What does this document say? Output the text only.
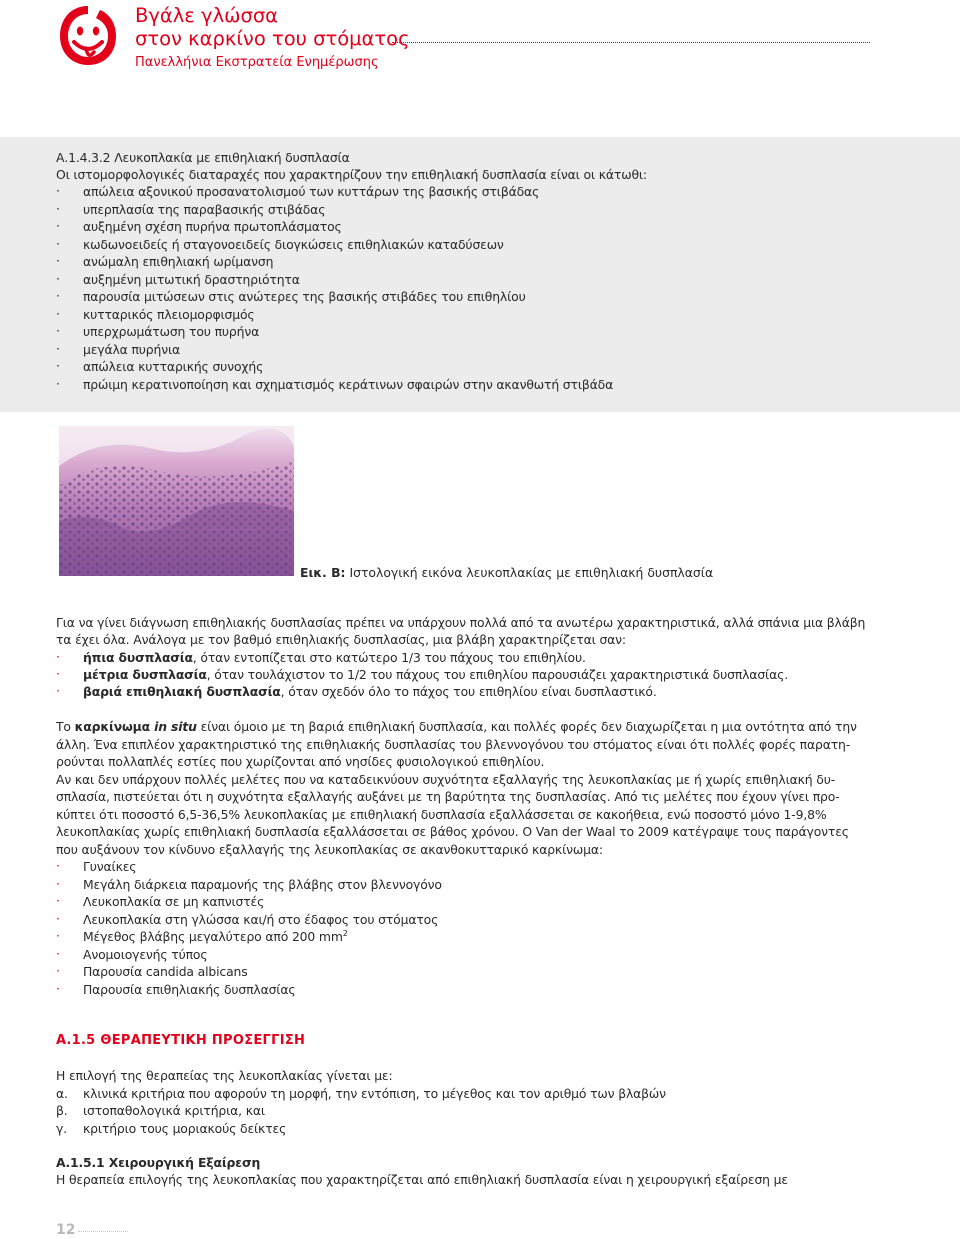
Βγάλε γλώσσα
στον καρκίνο του στόματος
Πανελλήνια Εκστρατεία Ενημέρωσης
Α.1.4.3.2 Λευκοπλακία με επιθηλιακή δυσπλασία
Οι ιστομορφολογικές διαταραχές που χαρακτηρίζουν την επιθηλιακή δυσπλασία είναι οι κάτωθι:
· απώλεια αξονικού προσανατολισμού των κυττάρων της βασικής στιβάδας
· υπερπλασία της παραβασικής στιβάδας
· αυξημένη σχέση πυρήνα πρωτοπλάσματος
· κωδωνοειδείς ή σταγονοειδείς διογκώσεις επιθηλιακών καταδύσεων
· ανώμαλη επιθηλιακή ωρίμανση
· αυξημένη μιτωτική δραστηριότητα
· παρουσία μιτώσεων στις ανώτερες της βασικής στιβάδες του επιθηλίου
· κυτταρικός πλειομορφισμός
· υπερχρωμάτωση του πυρήνα
· μεγάλα πυρήνια
· απώλεια κυτταρικής συνοχής
· πρώιμη κερατινοποίηση και σχηματισμός κεράτινων σφαιρών στην ακανθωτή στιβάδα
Εικ. Β: Ιστολογική εικόνα λευκοπλακίας με επιθηλιακή δυσπλασία
Για να γίνει διάγνωση επιθηλιακής δυσπλασίας πρέπει να υπάρχουν πολλά από τα ανωτέρω χαρακτηριστικά, αλλά σπάνια μια βλάβη
τα έχει όλα. Ανάλογα με τον βαθμό επιθηλιακής δυσπλασίας, μια βλάβη χαρακτηρίζεται σαν:
· ήπια δυσπλασία, όταν εντοπίζεται στο κατώτερο 1/3 του πάχους του επιθηλίου.
· μέτρια δυσπλασία, όταν τουλάχιστον το 1/2 του πάχους του επιθηλίου παρουσιάζει χαρακτηριστικά δυσπλασίας.
· βαριά επιθηλιακή δυσπλασία, όταν σχεδόν όλο το πάχος του επιθηλίου είναι δυσπλαστικό.
Το καρκίνωμα in situ είναι όμοιο με τη βαριά επιθηλιακή δυσπλασία, και πολλές φορές δεν διαχωρίζεται η μια οντότητα από την
άλλη. Ένα επιπλέον χαρακτηριστικό της επιθηλιακής δυσπλασίας του βλεννογόνου του στόματος είναι ότι πολλές φορές παρατη-
ρούνται πολλαπλές εστίες που χωρίζονται από νησίδες φυσιολογικού επιθηλίου.
Αν και δεν υπάρχουν πολλές μελέτες που να καταδεικνύουν συχνότητα εξαλλαγής της λευκοπλακίας με ή χωρίς επιθηλιακή δυ-
σπλασία, πιστεύεται ότι η συχνότητα εξαλλαγής αυξάνει με τη βαρύτητα της δυσπλασίας. Από τις μελέτες που έχουν γίνει προ-
κύπτει ότι ποσοστό 6,5-36,5% λευκοπλακίας με επιθηλιακή δυσπλασία εξαλλάσσεται σε κακοήθεια, ενώ ποσοστό μόνο 1-9,8%
λευκοπλακίας χωρίς επιθηλιακή δυσπλασία εξαλλάσσεται σε βάθος χρόνου. Ο Van der Waal το 2009 κατέγραψε τους παράγοντες
που αυξάνουν τον κίνδυνο εξαλλαγής της λευκοπλακίας σε ακανθοκυτταρικό καρκίνωμα:
· Γυναίκες
· Μεγάλη διάρκεια παραμονής της βλάβης στον βλεννογόνο
· Λευκοπλακία σε μη καπνιστές
· Λευκοπλακία στη γλώσσα και/ή στο έδαφος του στόματος
· Μέγεθος βλάβης μεγαλύτερο από 200 $mm^2$
· Ανομοιογενής τύπος
· Παρουσία candida albicans
· Παρουσία επιθηλιακής δυσπλασίας
Α.1.5 ΘΕΡΑΠΕΥΤΙΚΗ ΠΡΟΣΕΓΓΙΣΗ
Η επιλογή της θεραπείας της λευκοπλακίας γίνεται με:
α. κλινικά κριτήρια που αφορούν τη μορφή, την εντόπιση, το μέγεθος και τον αριθμό των βλαβών
β. ιστοπαθολογικά κριτήρια, και
γ. κριτήριο τους μοριακούς δείκτες
Α.1.5.1 Χειρουργική Εξαίρεση
Η θεραπεία επιλογής της λευκοπλακίας που χαρακτηρίζεται από επιθηλιακή δυσπλασία είναι η χειρουργική εξαίρεση με
12
